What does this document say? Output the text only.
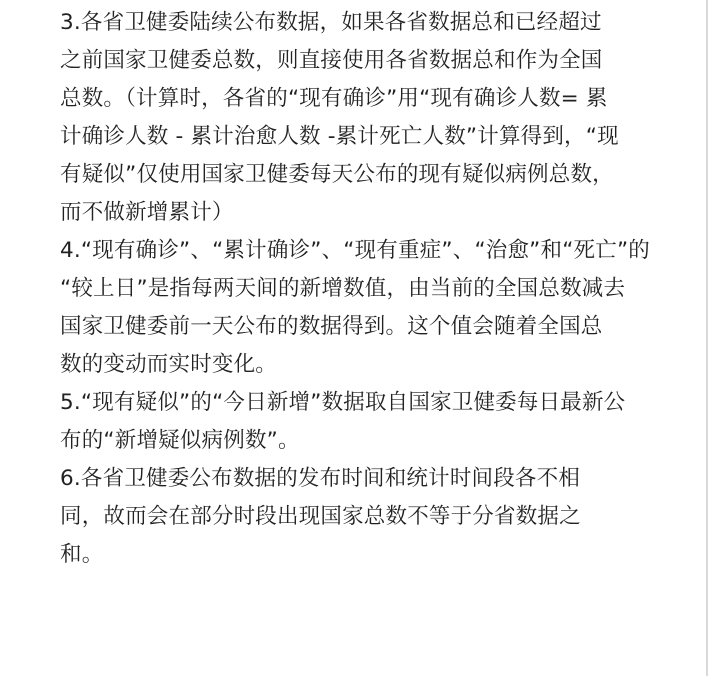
3.各省卫健委陆续公布数据，如果各省数据总和已经超过
之前国家卫健委总数，则直接使用各省数据总和作为全国
总数。（计算时，各省的“现有确诊”用“现有确诊人数= 累
计确诊人数 - 累计治愈人数 -累计死亡人数”计算得到，“现
有疑似”仅使用国家卫健委每天公布的现有疑似病例总数，
而不做新增累计）
4.“现有确诊”、“累计确诊”、“现有重症”、“治愈”和“死亡”的
“较上日”是指每两天间的新增数值，由当前的全国总数减去
国家卫健委前一天公布的数据得到。这个值会随着全国总
数的变动而实时变化。
5.“现有疑似”的“今日新增”数据取自国家卫健委每日最新公
布的“新增疑似病例数”。
6.各省卫健委公布数据的发布时间和统计时间段各不相
同，故而会在部分时段出现国家总数不等于分省数据之
和。
